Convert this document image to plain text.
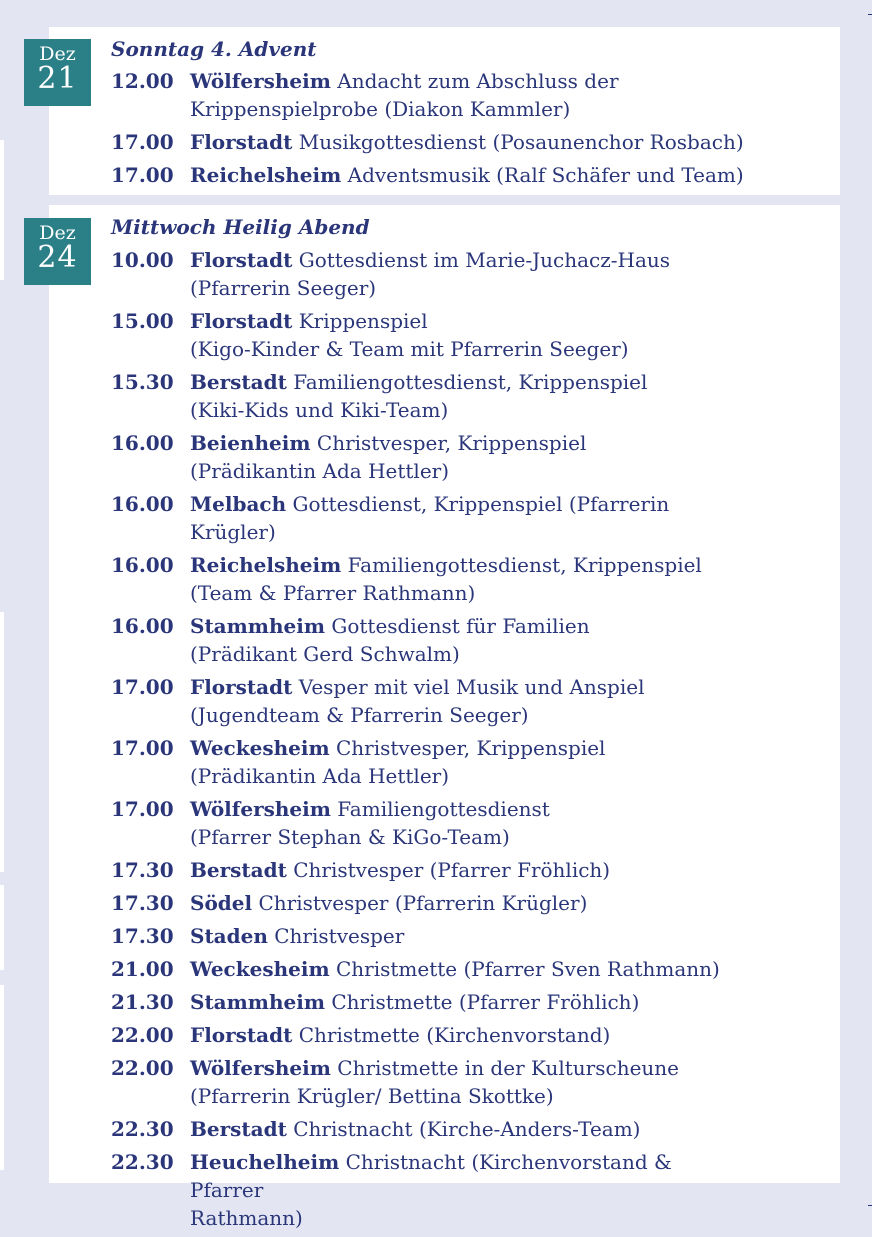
Dez
21
Sonntag 4. Advent
12.00 Wölfersheim Andacht zum Abschluss der
Krippenspielprobe (Diakon Kammler)
17.00 Florstadt Musikgottesdienst (Posaunenchor Rosbach)
17.00 Reichelsheim Adventsmusik (Ralf Schäfer und Team)
Dez
24
Mittwoch Heilig Abend
10.00 Florstadt Gottesdienst im Marie-Juchacz-Haus
(Pfarrerin Seeger)
15.00 Florstadt Krippenspiel
(Kigo-Kinder & Team mit Pfarrerin Seeger)
15.30 Berstadt Familiengottesdienst, Krippenspiel
(Kiki-Kids und Kiki-Team)
16.00 Beienheim Christvesper, Krippenspiel
(Prädikantin Ada Hettler)
16.00 Melbach Gottesdienst, Krippenspiel (Pfarrerin Krügler)
16.00 Reichelsheim Familiengottesdienst, Krippenspiel
(Team & Pfarrer Rathmann)
16.00 Stammheim Gottesdienst für Familien
(Prädikant Gerd Schwalm)
17.00 Florstadt Vesper mit viel Musik und Anspiel
(Jugendteam & Pfarrerin Seeger)
17.00 Weckesheim Christvesper, Krippenspiel
(Prädikantin Ada Hettler)
17.00 Wölfersheim Familiengottesdienst
(Pfarrer Stephan & KiGo-Team)
17.30 Berstadt Christvesper (Pfarrer Fröhlich)
17.30 Södel Christvesper (Pfarrerin Krügler)
17.30 Staden Christvesper
21.00 Weckesheim Christmette (Pfarrer Sven Rathmann)
21.30 Stammheim Christmette (Pfarrer Fröhlich)
22.00 Florstadt Christmette (Kirchenvorstand)
22.00 Wölfersheim Christmette in der Kulturscheune
(Pfarrerin Krügler/ Bettina Skottke)
22.30 Berstadt Christnacht (Kirche-Anders-Team)
22.30 Heuchelheim Christnacht (Kirchenvorstand & Pfarrer
Rathmann)
